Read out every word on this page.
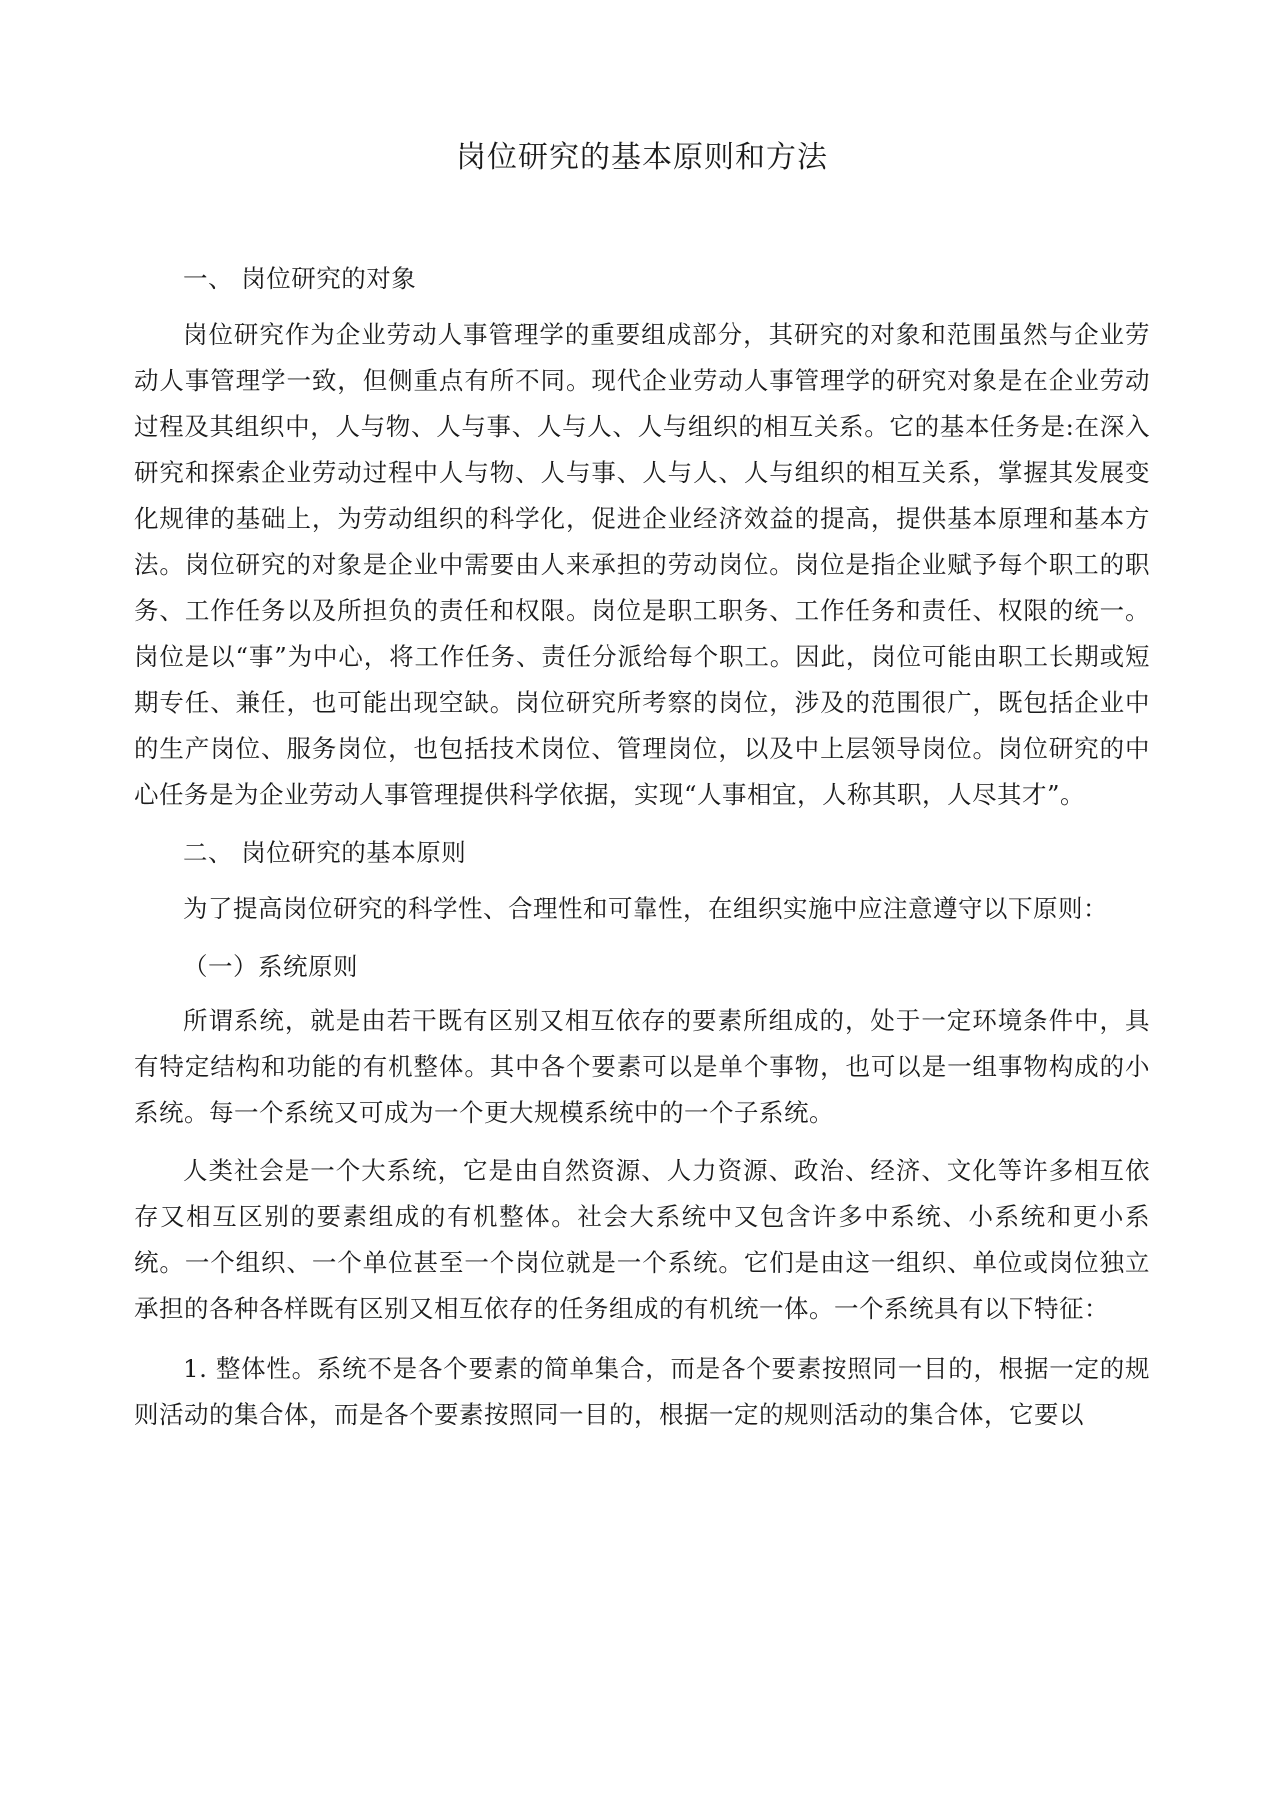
岗位研究的基本原则和方法

一、 岗位研究的对象

岗位研究作为企业劳动人事管理学的重要组成部分，其研究的对象和范围虽然与企业劳动人事管理学一致，但侧重点有所不同。现代企业劳动人事管理学的研究对象是在企业劳动过程及其组织中，人与物、人与事、人与人、人与组织的相互关系。它的基本任务是:在深入研究和探索企业劳动过程中人与物、人与事、人与人、人与组织的相互关系，掌握其发展变化规律的基础上，为劳动组织的科学化，促进企业经济效益的提高，提供基本原理和基本方法。岗位研究的对象是企业中需要由人来承担的劳动岗位。岗位是指企业赋予每个职工的职务、工作任务以及所担负的责任和权限。岗位是职工职务、工作任务和责任、权限的统一。岗位是以“事”为中心，将工作任务、责任分派给每个职工。因此，岗位可能由职工长期或短期专任、兼任，也可能出现空缺。岗位研究所考察的岗位，涉及的范围很广，既包括企业中的生产岗位、服务岗位，也包括技术岗位、管理岗位，以及中上层领导岗位。岗位研究的中心任务是为企业劳动人事管理提供科学依据，实现“人事相宜，人称其职，人尽其才”。

二、 岗位研究的基本原则

为了提高岗位研究的科学性、合理性和可靠性，在组织实施中应注意遵守以下原则：

（一）系统原则

所谓系统，就是由若干既有区别又相互依存的要素所组成的，处于一定环境条件中，具有特定结构和功能的有机整体。其中各个要素可以是单个事物，也可以是一组事物构成的小系统。每一个系统又可成为一个更大规模系统中的一个子系统。

人类社会是一个大系统，它是由自然资源、人力资源、政治、经济、文化等许多相互依存又相互区别的要素组成的有机整体。社会大系统中又包含许多中系统、小系统和更小系统。一个组织、一个单位甚至一个岗位就是一个系统。它们是由这一组织、单位或岗位独立承担的各种各样既有区别又相互依存的任务组成的有机统一体。一个系统具有以下特征：

1. 整体性。系统不是各个要素的简单集合，而是各个要素按照同一目的，根据一定的规则活动的集合体，而是各个要素按照同一目的，根据一定的规则活动的集合体，它要以
